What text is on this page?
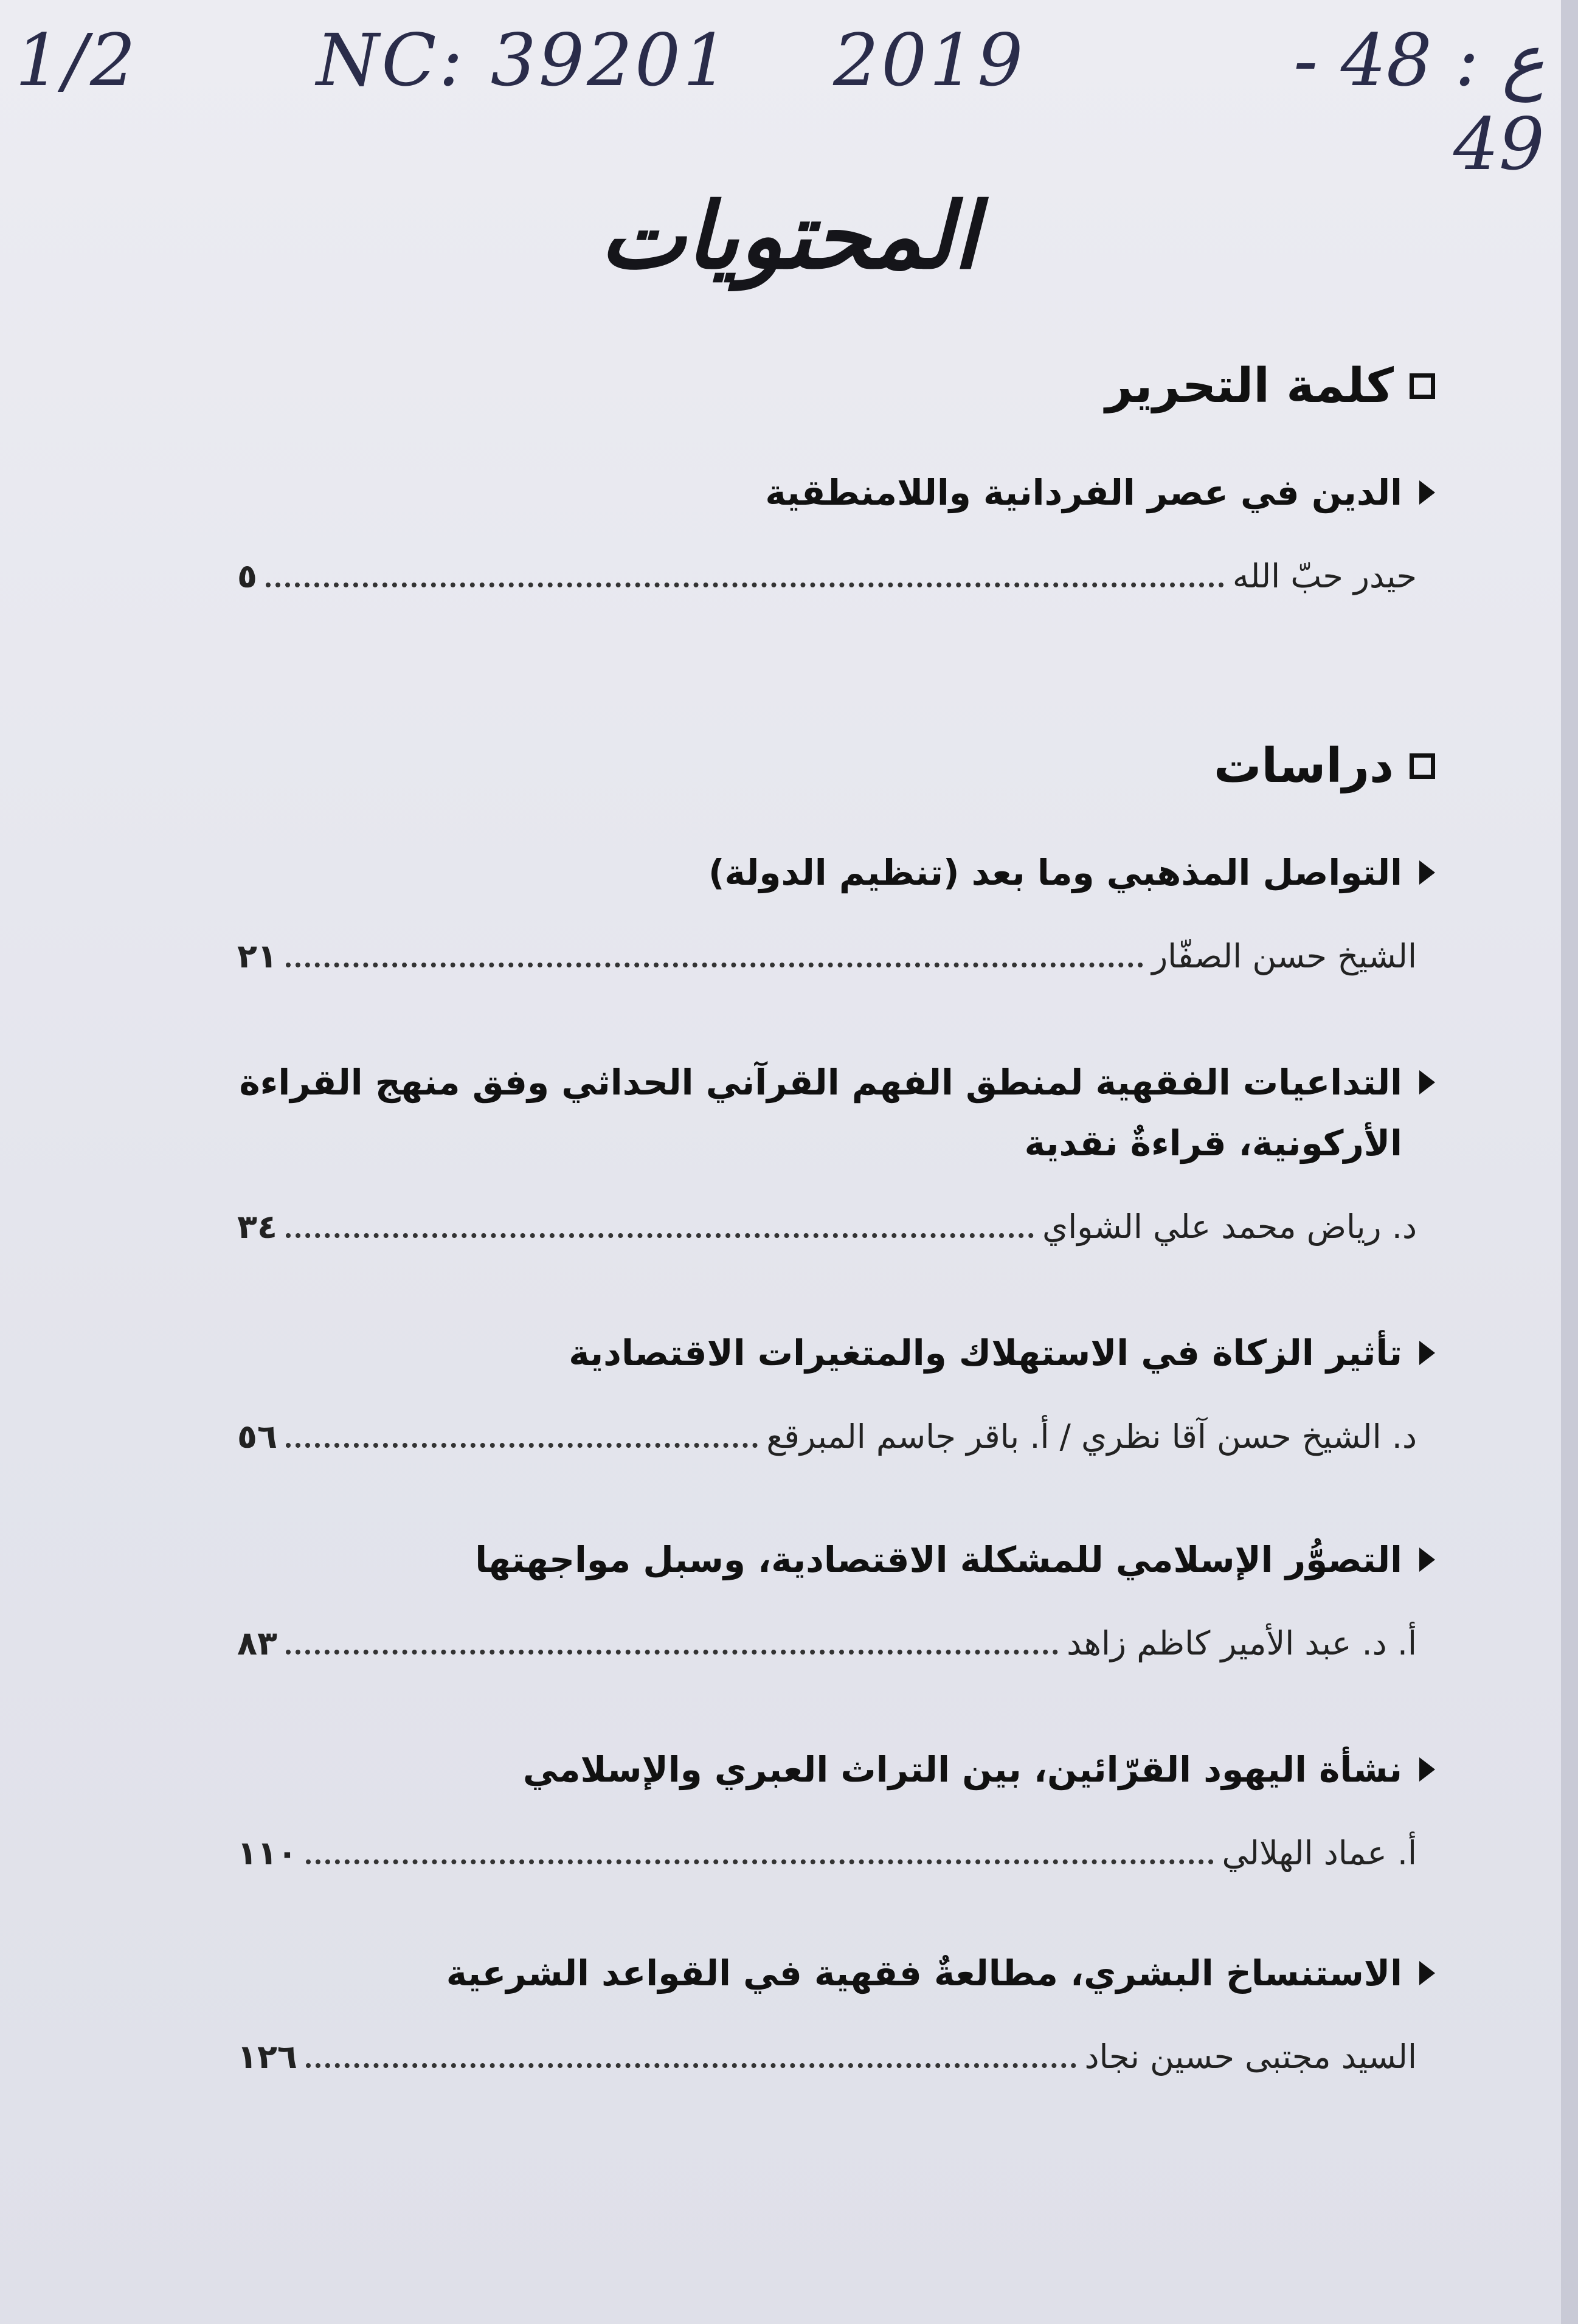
1/2 NC: 39201 2019	ع : 48 - 49
المحتويات
كلمة التحرير
الدين في عصر الفردانية واللامنطقية
حيدر حبّ الله
٥
دراسات
التواصل المذهبي وما بعد (تنظيم الدولة)
الشيخ حسن الصفّار
٢١
التداعيات الفقهية لمنطق الفهم القرآني الحداثي وفق منهج القراءة الأركونية، قراءةٌ نقدية
د. رياض محمد علي الشواي
٣٤
تأثير الزكاة في الاستهلاك والمتغيرات الاقتصادية
د. الشيخ حسن آقا نظري / أ. باقر جاسم المبرقع
٥٦
التصوُّر الإسلامي للمشكلة الاقتصادية، وسبل مواجهتها
أ. د. عبد الأمير كاظم زاهد
٨٣
نشأة اليهود القرّائين، بين التراث العبري والإسلامي
أ. عماد الهلالي
١١٠
الاستنساخ البشري، مطالعةٌ فقهية في القواعد الشرعية
السيد مجتبى حسين نجاد
١٢٦
